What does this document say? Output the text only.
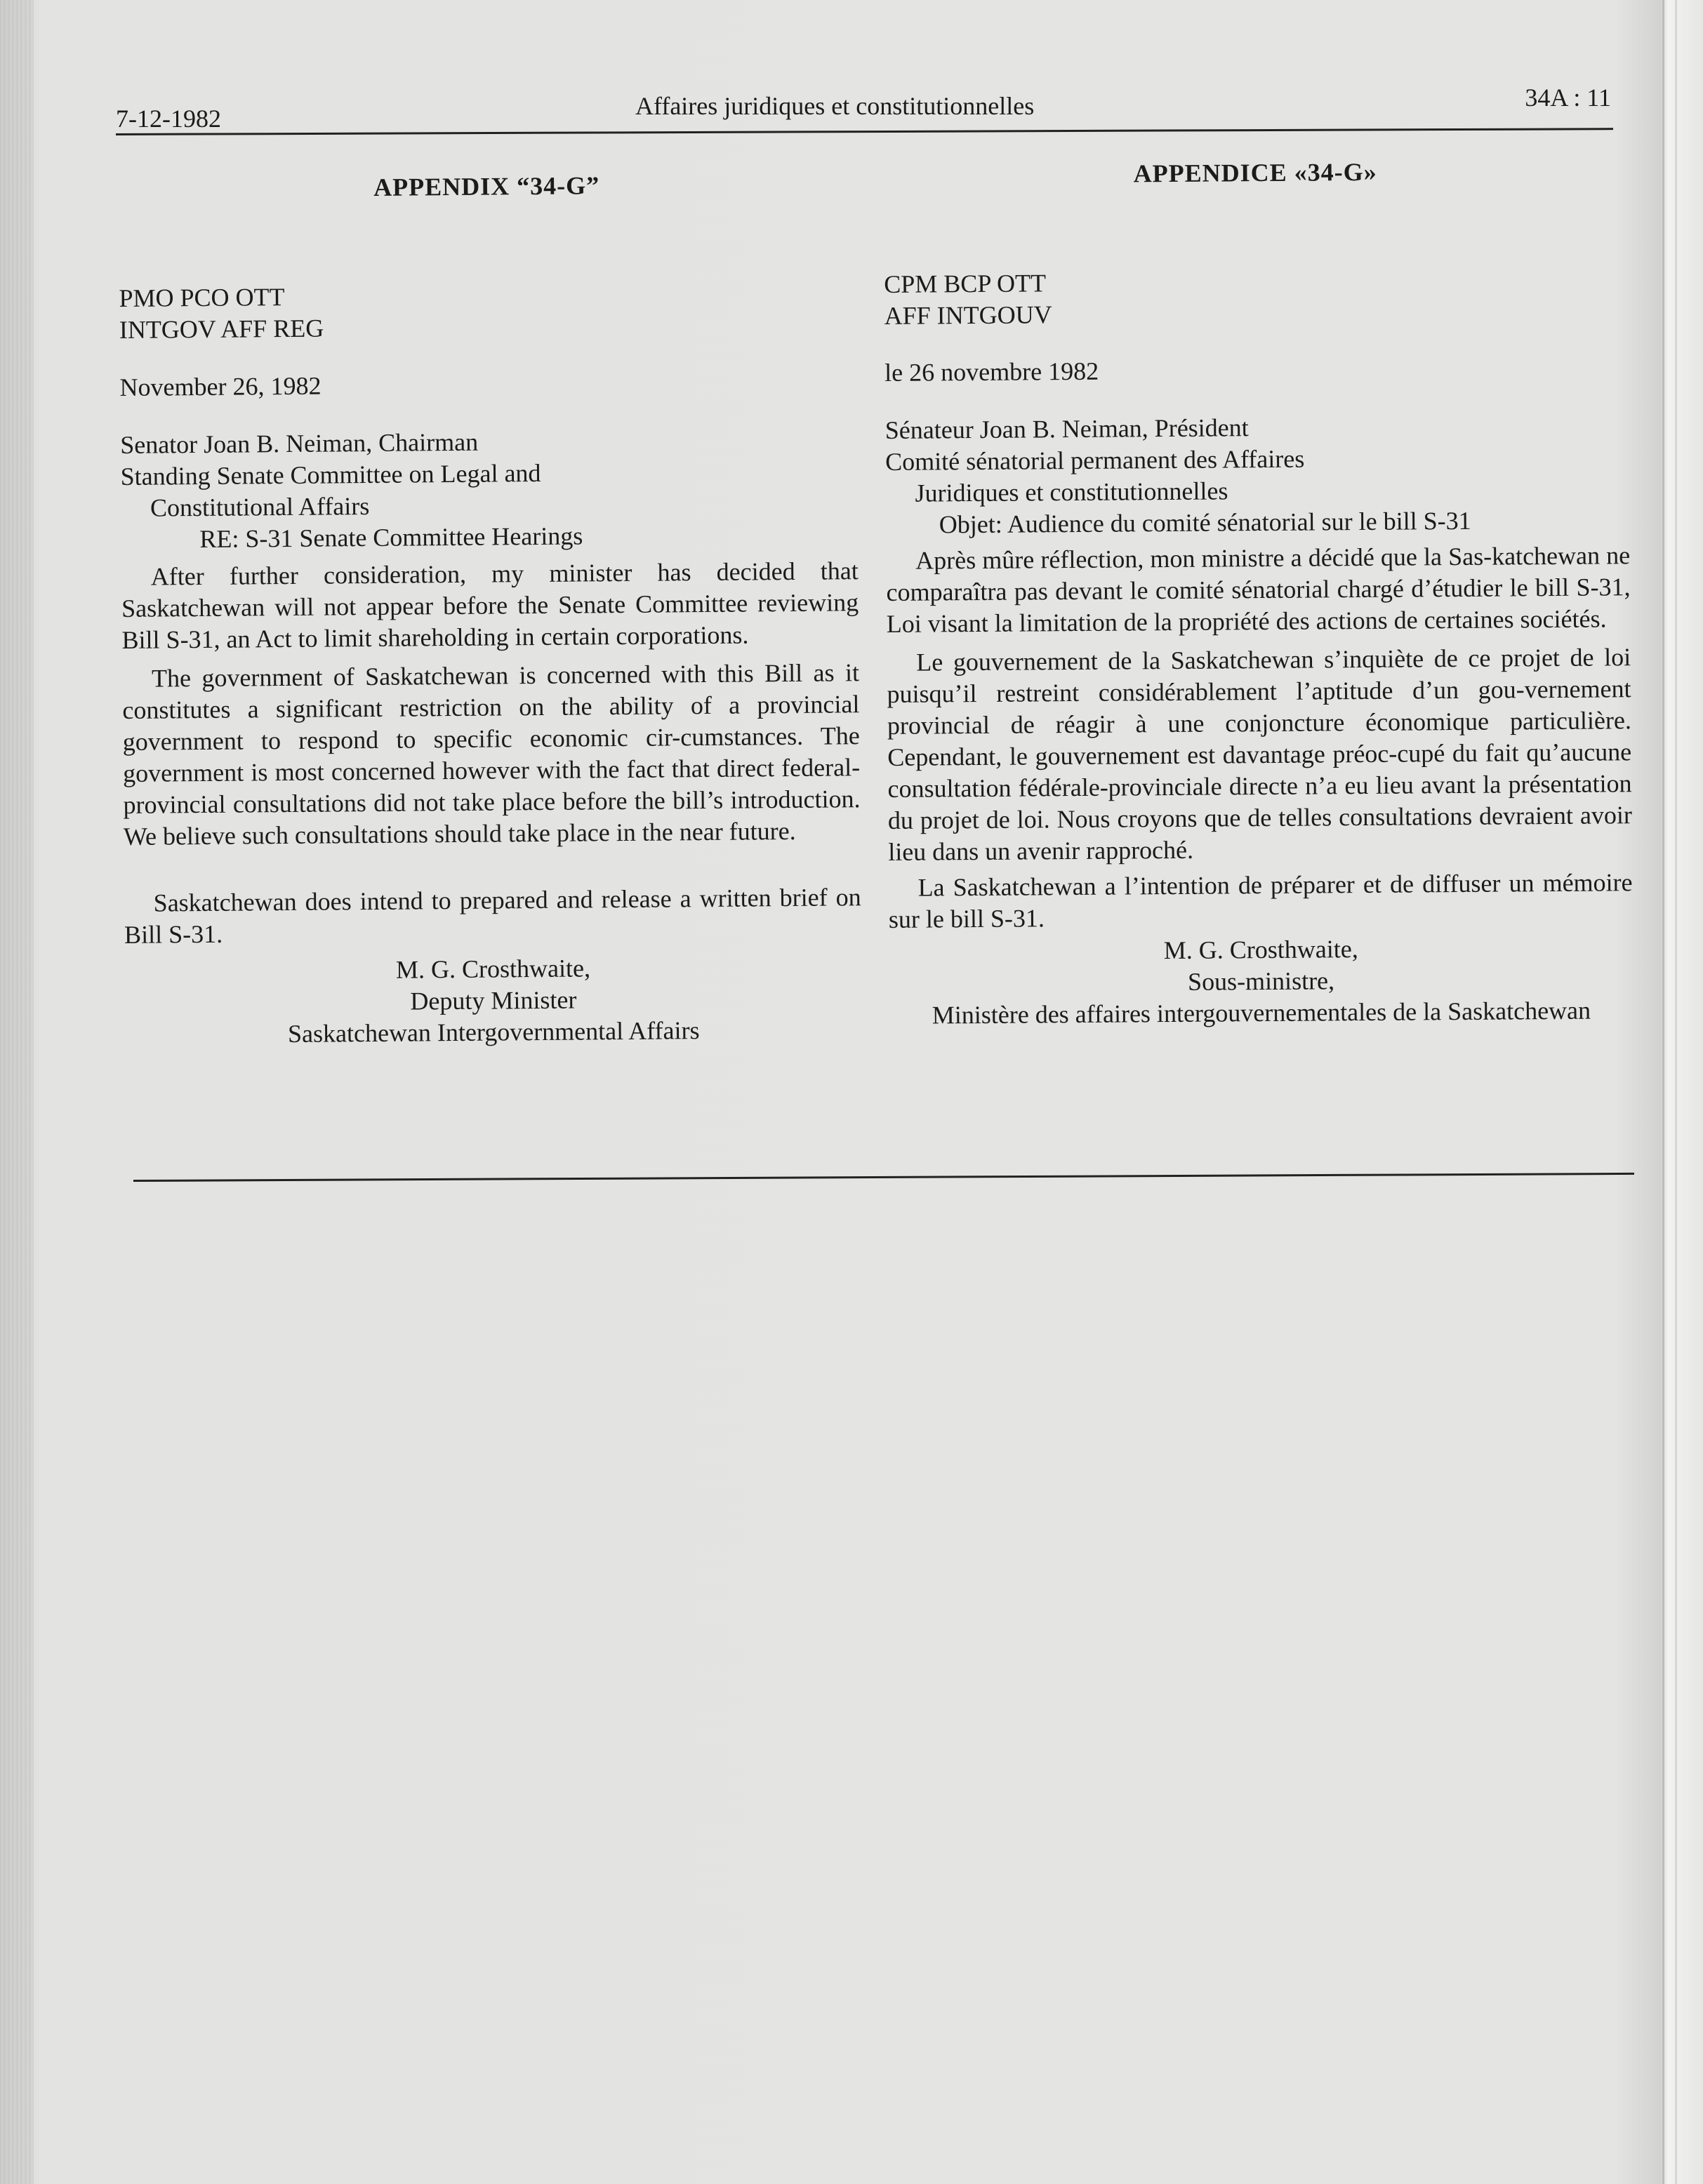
7-12-1982	Affaires juridiques et constitutionnelles	34A : 11

APPENDIX “34-G”

PMO PCO OTT
INTGOV AFF REG
November 26, 1982
Senator Joan B. Neiman, Chairman
Standing Senate Committee on Legal and
Constitutional Affairs
RE: S-31 Senate Committee Hearings

After further consideration, my minister has decided that Saskatchewan will not appear before the Senate Committee reviewing Bill S-31, an Act to limit shareholding in certain corporations.

The government of Saskatchewan is concerned with this Bill as it constitutes a significant restriction on the ability of a provincial government to respond to specific economic cir-cumstances. The government is most concerned however with the fact that direct federal-provincial consultations did not take place before the bill’s introduction. We believe such consultations should take place in the near future.

Saskatchewan does intend to prepared and release a written brief on Bill S-31.

M. G. Crosthwaite,
Deputy Minister
Saskatchewan Intergovernmental Affairs

APPENDICE «34-G»

CPM BCP OTT
AFF INTGOUV
le 26 novembre 1982
Sénateur Joan B. Neiman, Président
Comité sénatorial permanent des Affaires
Juridiques et constitutionnelles
Objet: Audience du comité sénatorial sur le bill S-31

Après mûre réflection, mon ministre a décidé que la Sas-katchewan ne comparaîtra pas devant le comité sénatorial chargé d’étudier le bill S-31, Loi visant la limitation de la propriété des actions de certaines sociétés.

Le gouvernement de la Saskatchewan s’inquiète de ce projet de loi puisqu’il restreint considérablement l’aptitude d’un gou-vernement provincial de réagir à une conjoncture économique particulière. Cependant, le gouvernement est davantage préoc-cupé du fait qu’aucune consultation fédérale-provinciale directe n’a eu lieu avant la présentation du projet de loi. Nous croyons que de telles consultations devraient avoir lieu dans un avenir rapproché.

La Saskatchewan a l’intention de préparer et de diffuser un mémoire sur le bill S-31.

M. G. Crosthwaite,
Sous-ministre,
Ministère des affaires intergouvernementales de la Saskatchewan
